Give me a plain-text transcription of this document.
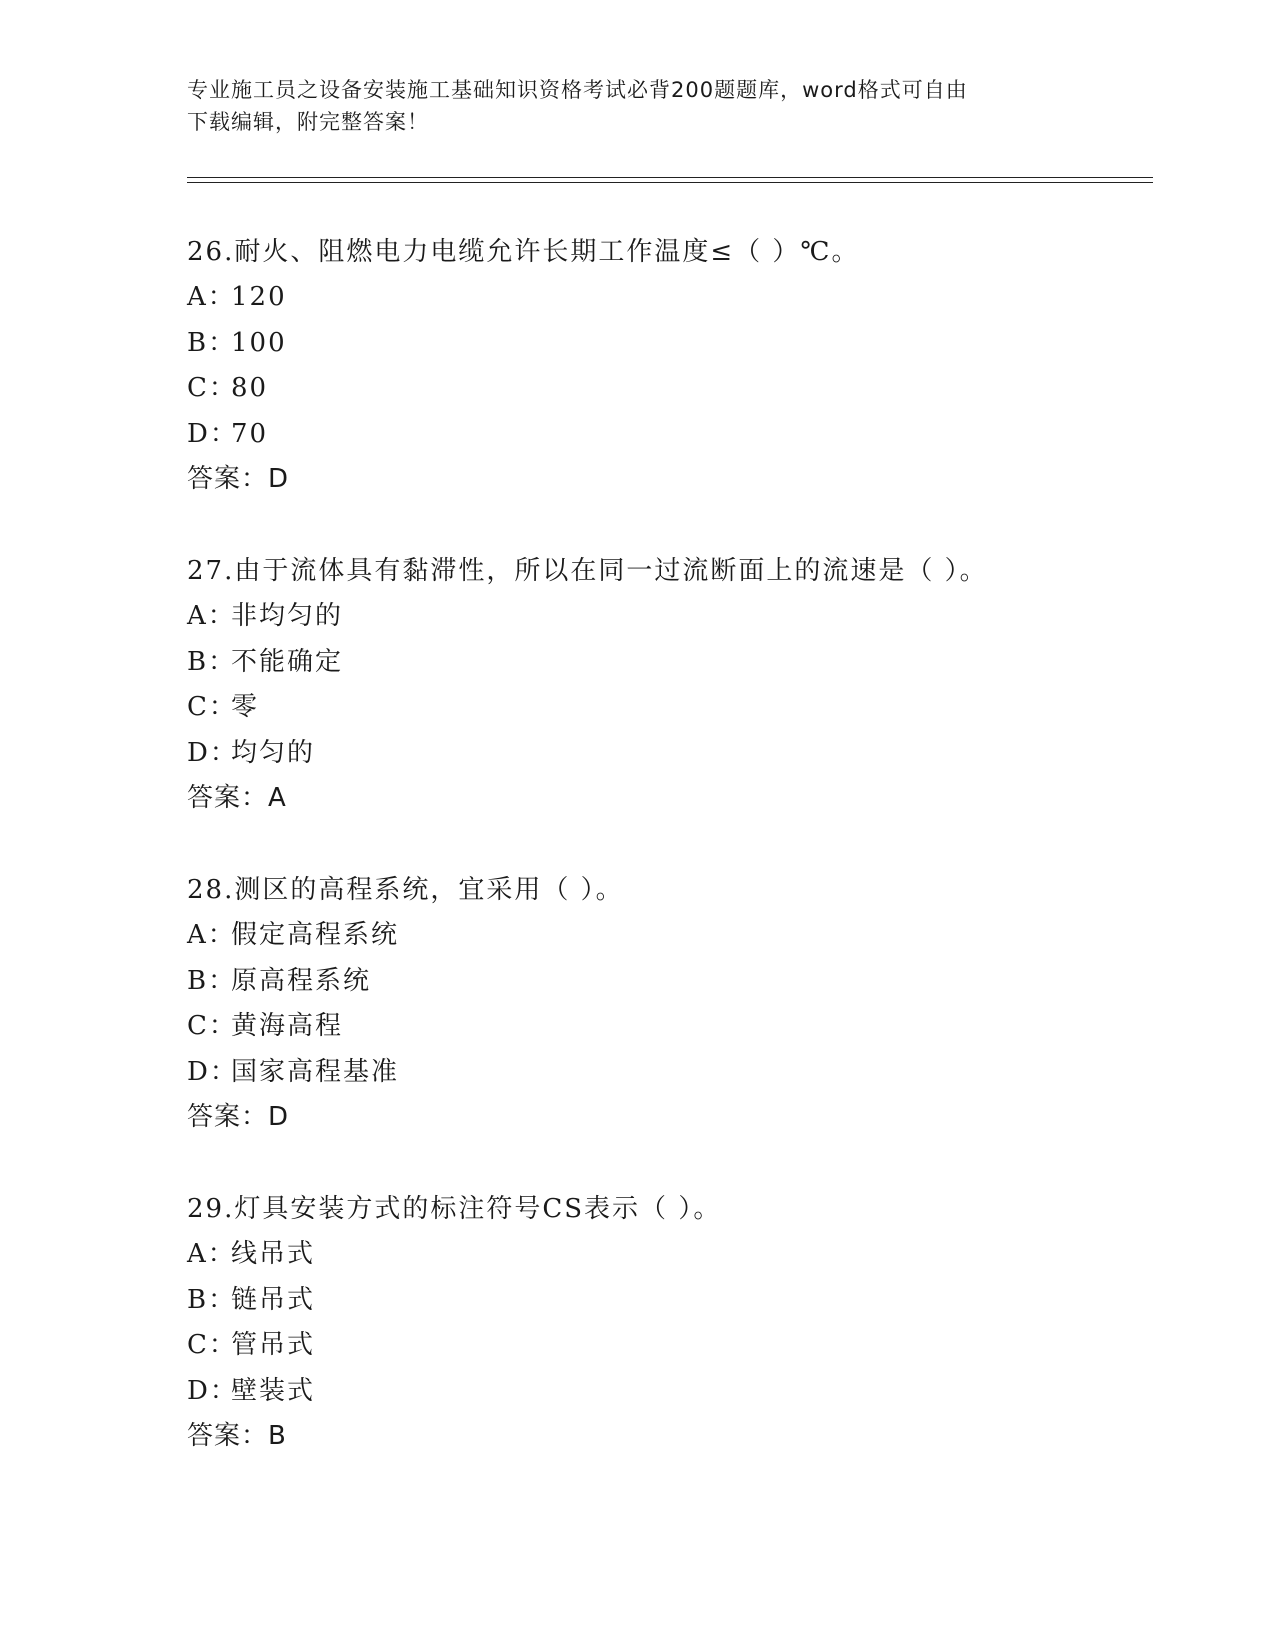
专业施工员之设备安装施工基础知识资格考试必背200题题库，word格式可自由
下载编辑，附完整答案！
26.耐火、阻燃电力电缆允许长期工作温度≤（ ）℃。
A：120
B：100
C：80
D：70
答案：D
27.由于流体具有黏滞性，所以在同一过流断面上的流速是（ ）。
A：非均匀的
B：不能确定
C：零
D：均匀的
答案：A
28.测区的高程系统，宜采用（ ）。
A：假定高程系统
B：原高程系统
C：黄海高程
D：国家高程基准
答案：D
29.灯具安装方式的标注符号CS表示（ ）。
A：线吊式
B：链吊式
C：管吊式
D：壁装式
答案：B
